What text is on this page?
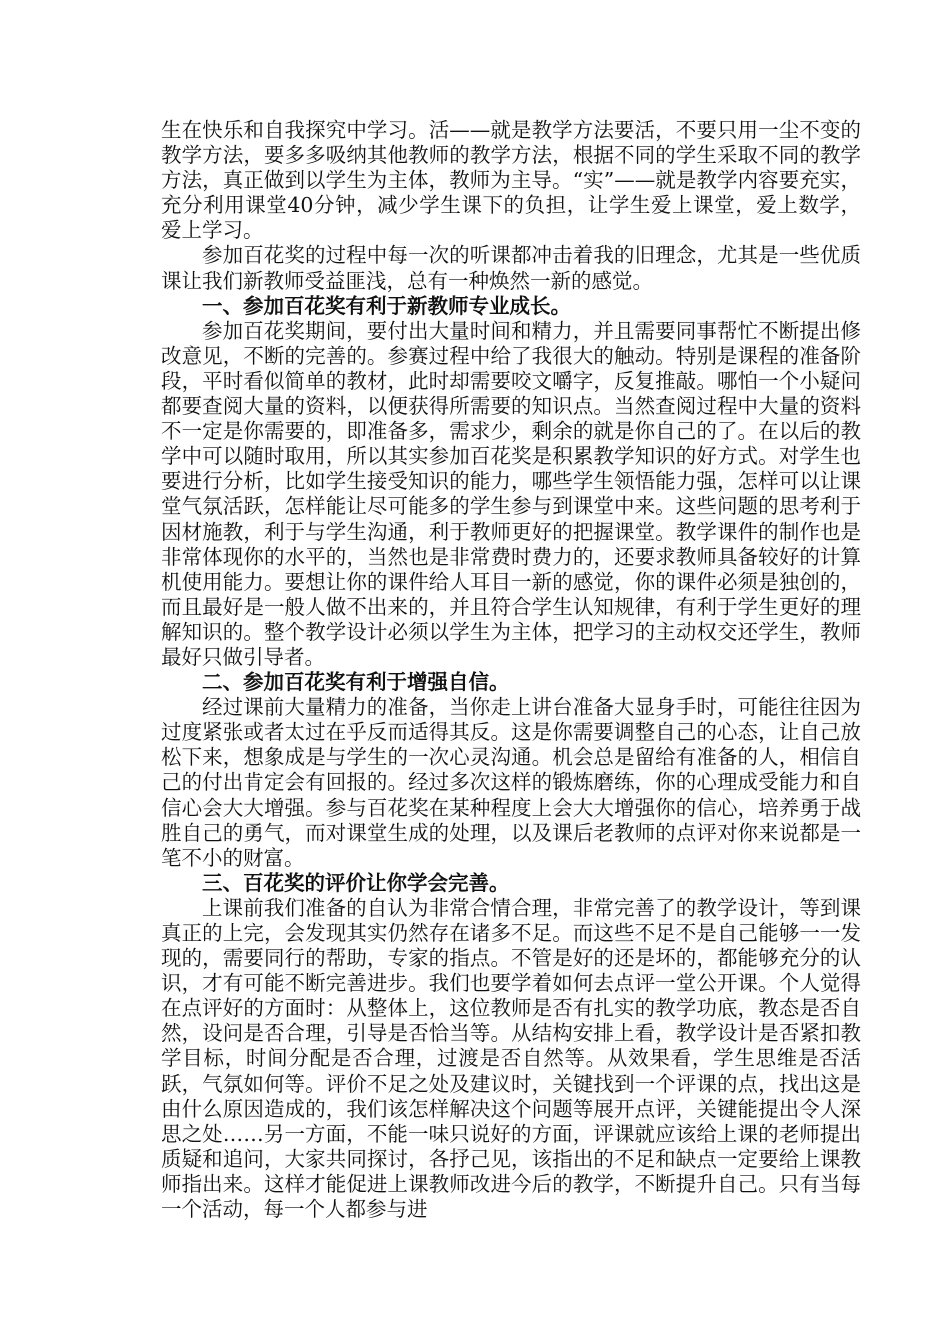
生在快乐和自我探究中学习。活——就是教学方法要活，不要只用一尘不变的教学方法，要多多吸纳其他教师的教学方法，根据不同的学生采取不同的教学方法，真正做到以学生为主体，教师为主导。“实”——就是教学内容要充实，充分利用课堂40分钟，减少学生课下的负担，让学生爱上课堂，爱上数学，爱上学习。

参加百花奖的过程中每一次的听课都冲击着我的旧理念，尤其是一些优质课让我们新教师受益匪浅，总有一种焕然一新的感觉。

一、参加百花奖有利于新教师专业成长。

参加百花奖期间，要付出大量时间和精力，并且需要同事帮忙不断提出修改意见，不断的完善的。参赛过程中给了我很大的触动。特别是课程的准备阶段，平时看似简单的教材，此时却需要咬文嚼字，反复推敲。哪怕一个小疑问都要查阅大量的资料，以便获得所需要的知识点。当然查阅过程中大量的资料不一定是你需要的，即准备多，需求少，剩余的就是你自己的了。在以后的教学中可以随时取用，所以其实参加百花奖是积累教学知识的好方式。对学生也要进行分析，比如学生接受知识的能力，哪些学生领悟能力强，怎样可以让课堂气氛活跃，怎样能让尽可能多的学生参与到课堂中来。这些问题的思考利于因材施教，利于与学生沟通，利于教师更好的把握课堂。教学课件的制作也是非常体现你的水平的，当然也是非常费时费力的，还要求教师具备较好的计算机使用能力。要想让你的课件给人耳目一新的感觉，你的课件必须是独创的，而且最好是一般人做不出来的，并且符合学生认知规律，有利于学生更好的理解知识的。整个教学设计必须以学生为主体，把学习的主动权交还学生，教师最好只做引导者。

二、参加百花奖有利于增强自信。

经过课前大量精力的准备，当你走上讲台准备大显身手时，可能往往因为过度紧张或者太过在乎反而适得其反。这是你需要调整自己的心态，让自己放松下来，想象成是与学生的一次心灵沟通。机会总是留给有准备的人，相信自己的付出肯定会有回报的。经过多次这样的锻炼磨练，你的心理成受能力和自信心会大大增强。参与百花奖在某种程度上会大大增强你的信心，培养勇于战胜自己的勇气，而对课堂生成的处理，以及课后老教师的点评对你来说都是一笔不小的财富。

三、百花奖的评价让你学会完善。

上课前我们准备的自认为非常合情合理，非常完善了的教学设计，等到课真正的上完，会发现其实仍然存在诸多不足。而这些不足不是自己能够一一发现的，需要同行的帮助，专家的指点。不管是好的还是坏的，都能够充分的认识，才有可能不断完善进步。我们也要学着如何去点评一堂公开课。个人觉得在点评好的方面时：从整体上，这位教师是否有扎实的教学功底，教态是否自然，设问是否合理，引导是否恰当等。从结构安排上看，教学设计是否紧扣教学目标，时间分配是否合理，过渡是否自然等。从效果看，学生思维是否活跃，气氛如何等。评价不足之处及建议时，关键找到一个评课的点，找出这是由什么原因造成的，我们该怎样解决这个问题等展开点评，关键能提出令人深思之处……另一方面，不能一味只说好的方面，评课就应该给上课的老师提出质疑和追问，大家共同探讨，各抒己见，该指出的不足和缺点一定要给上课教师指出来。这样才能促进上课教师改进今后的教学，不断提升自己。只有当每一个活动，每一个人都参与进
